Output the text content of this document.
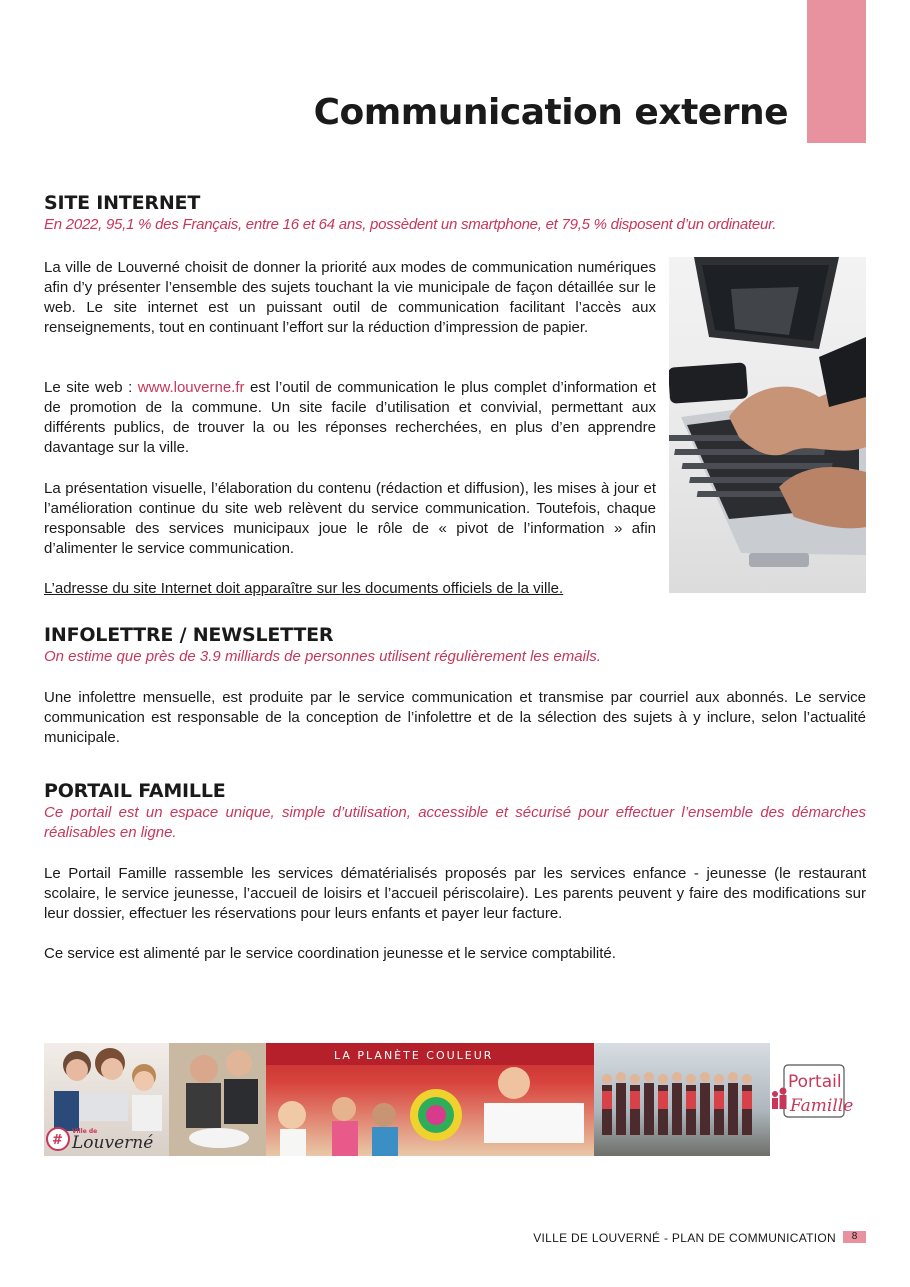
Communication externe
SITE INTERNET

En 2022, 95,1 % des Français, entre 16 et 64 ans, possèdent un smartphone, et 79,5 % disposent d’un ordinateur.

La ville de Louverné choisit de donner la priorité aux modes de communication numériques afin d’y présenter l’ensemble des sujets touchant la vie municipale de façon détaillée sur le web. Le site internet est un puissant outil de communication facilitant l’accès aux renseignements, tout en continuant l’effort sur la réduction d’impression de papier.

Le site web : www.louverne.fr est l’outil de communication le plus complet d’information et de promotion de la commune. Un site facile d’utilisation et convivial, permettant aux différents publics, de trouver la ou les réponses recherchées, en plus d’en apprendre davantage sur la ville.

La présentation visuelle, l’élaboration du contenu (rédaction et diffusion), les mises à jour et l’amélioration continue du site web relèvent du service communication. Toutefois, chaque responsable des services municipaux joue le rôle de « pivot de l’information » afin d’alimenter le service communication.

L’adresse du site Internet doit apparaître sur les documents officiels de la ville.

INFOLETTRE / NEWSLETTER

On estime que près de 3.9 milliards de personnes utilisent régulièrement les emails.

Une infolettre mensuelle, est produite par le service communication et transmise par courriel aux abonnés. Le service communication est responsable de la conception de l’infolettre et de la sélection des sujets à y inclure, selon l’actualité municipale.

PORTAIL FAMILLE

Ce portail est un espace unique, simple d’utilisation, accessible et sécurisé pour effectuer l’ensemble des démarches réalisables en ligne.

Le Portail Famille rassemble les services dématérialisés proposés par les services enfance - jeunesse (le restaurant scolaire, le service jeunesse, l’accueil de loisirs et l’accueil périscolaire). Les parents peuvent y faire des modifications sur leur dossier, effectuer les réservations pour leurs enfants et payer leur facture.

Ce service est alimenté par le service coordination jeunesse et le service comptabilité.

LA PLANÈTE COULEUR
#
Ville de
Louverné
Portail
Famille
VILLE DE LOUVERNÉ - PLAN DE COMMUNICATION	8
